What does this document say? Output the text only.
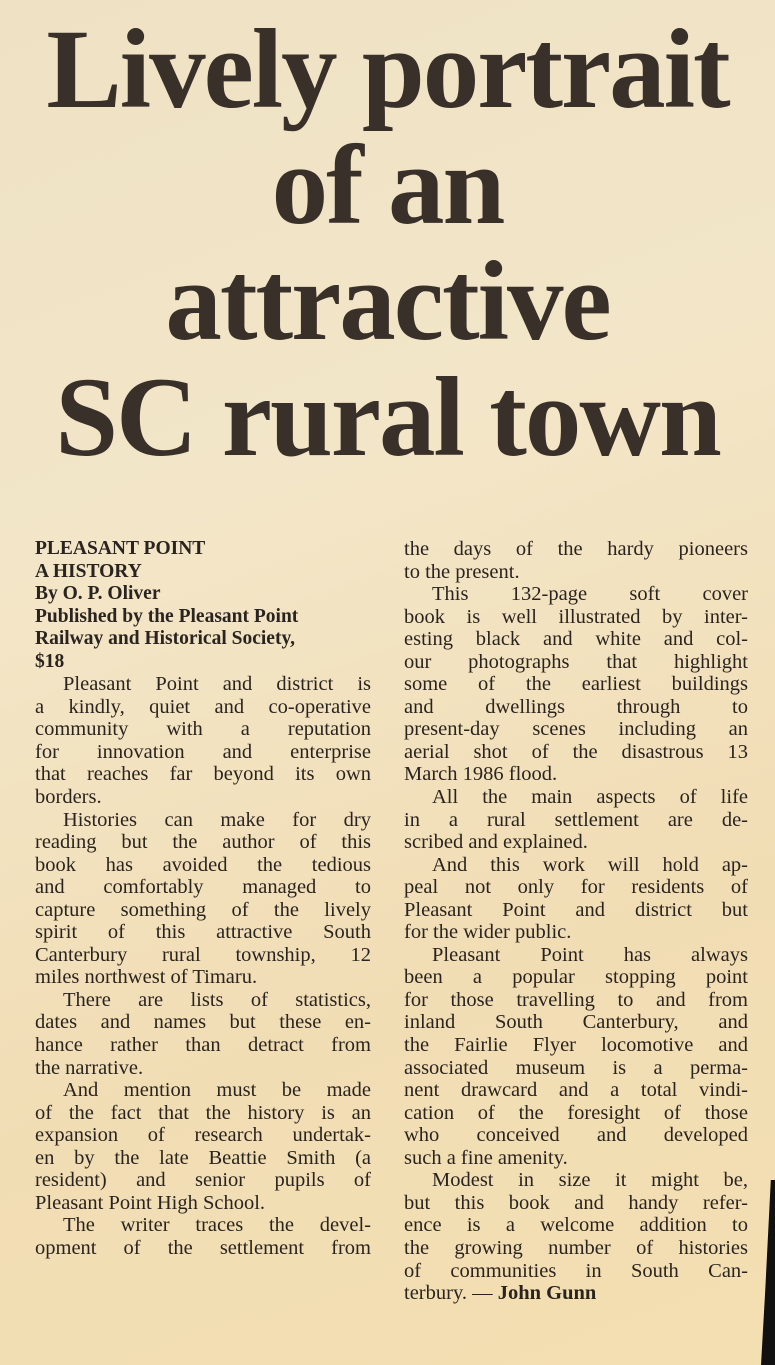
Lively portrait
of an
attractive
SC rural town
PLEASANT POINT
A HISTORY
By O. P. Oliver
Published by the Pleasant Point
Railway and Historical Society,
$18
Pleasant Point and district is
a kindly, quiet and co-operative
community with a reputation
for innovation and enterprise
that reaches far beyond its own
borders.
Histories can make for dry
reading but the author of this
book has avoided the tedious
and comfortably managed to
capture something of the lively
spirit of this attractive South
Canterbury rural township, 12
miles northwest of Timaru.
There are lists of statistics,
dates and names but these en-
hance rather than detract from
the narrative.
And mention must be made
of the fact that the history is an
expansion of research undertak-
en by the late Beattie Smith (a
resident) and senior pupils of
Pleasant Point High School.
The writer traces the devel-
opment of the settlement from
the days of the hardy pioneers
to the present.
This 132-page soft cover
book is well illustrated by inter-
esting black and white and col-
our photographs that highlight
some of the earliest buildings
and dwellings through to
present-day scenes including an
aerial shot of the disastrous 13
March 1986 flood.
All the main aspects of life
in a rural settlement are de-
scribed and explained.
And this work will hold ap-
peal not only for residents of
Pleasant Point and district but
for the wider public.
Pleasant Point has always
been a popular stopping point
for those travelling to and from
inland South Canterbury, and
the Fairlie Flyer locomotive and
associated museum is a perma-
nent drawcard and a total vindi-
cation of the foresight of those
who conceived and developed
such a fine amenity.
Modest in size it might be,
but this book and handy refer-
ence is a welcome addition to
the growing number of histories
of communities in South Can-
terbury. — John Gunn
